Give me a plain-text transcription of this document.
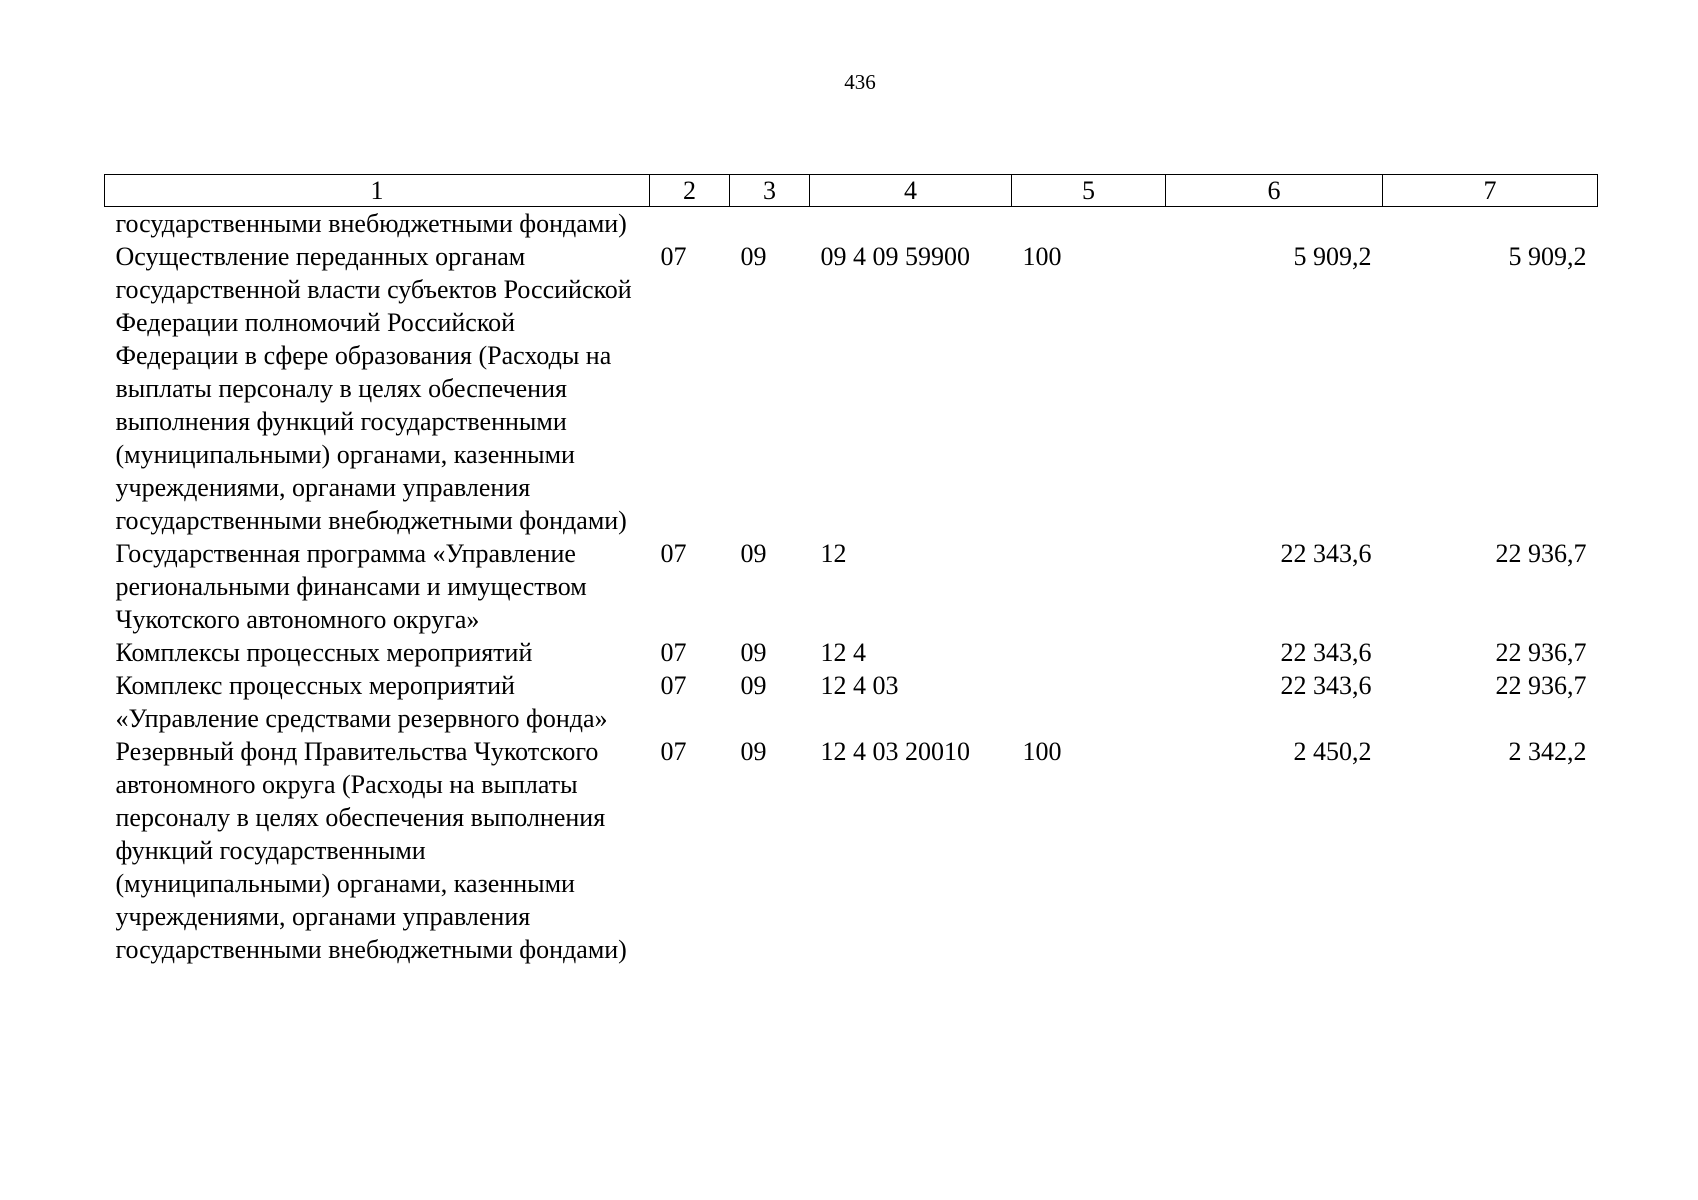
436
1	2	3	4	5	6	7
государственными внебюджетными фондами)						
Осуществление переданных органам государственной власти субъектов Российской Федерации полномочий Российской Федерации в сфере образования (Расходы на выплаты персоналу в целях обеспечения выполнения функций государственными (муниципальными) органами, казенными учреждениями, органами управления государственными внебюджетными фондами)	07	09	09 4 09 59900	100	5 909,2	5 909,2
Государственная программа «Управление региональными финансами и имуществом Чукотского автономного округа»	07	09	12		22 343,6	22 936,7
Комплексы процессных мероприятий	07	09	12 4		22 343,6	22 936,7
Комплекс процессных мероприятий «Управление средствами резервного фонда»	07	09	12 4 03		22 343,6	22 936,7
Резервный фонд Правительства Чукотского автономного округа (Расходы на выплаты персоналу в целях обеспечения выполнения функций государственными (муниципальными) органами, казенными учреждениями, органами управления государственными внебюджетными фондами)	07	09	12 4 03 20010	100	2 450,2	2 342,2
